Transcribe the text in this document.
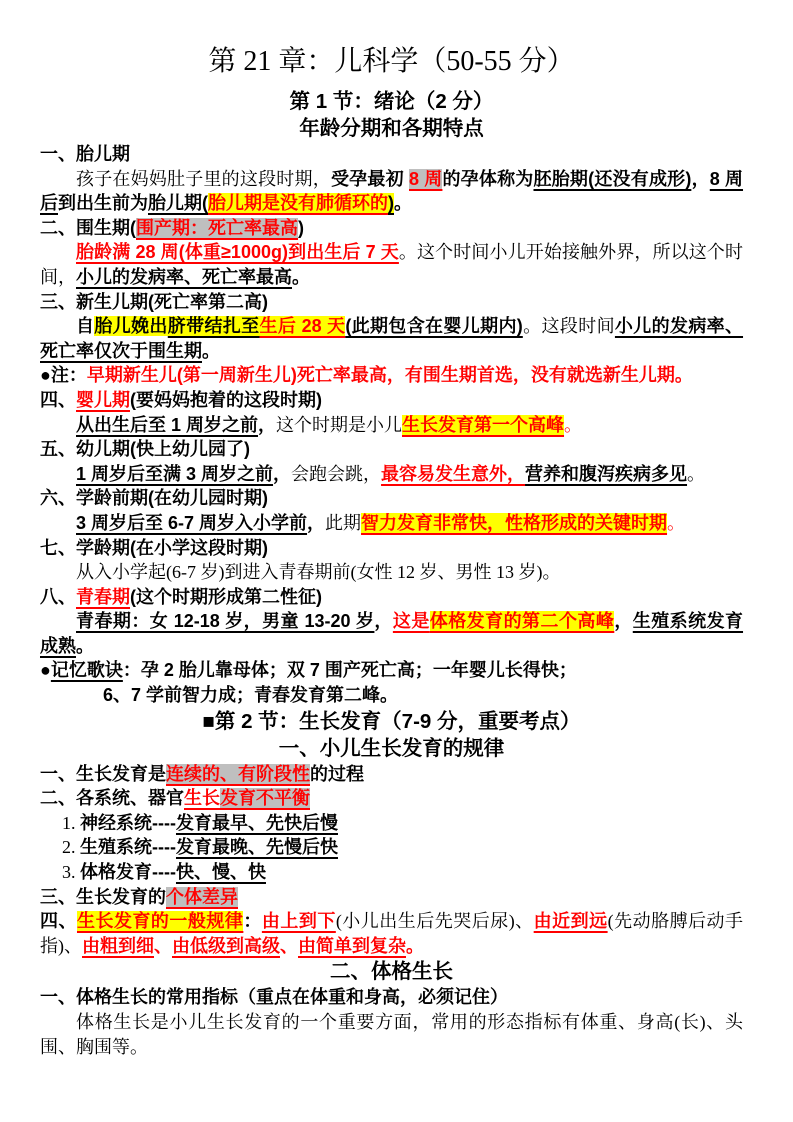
第 21 章：儿科学（50-55 分）
第 1 节：绪论（2 分）
年龄分期和各期特点
一、胎儿期
孩子在妈妈肚子里的这段时期，受孕最初 8 周的孕体称为胚胎期(还没有成形)，8 周后到出生前为胎儿期(胎儿期是没有肺循环的)。
二、围生期(围产期：死亡率最高)
胎龄满 28 周(体重≥1000g)到出生后 7 天。这个时间小儿开始接触外界，所以这个时间，小儿的发病率、死亡率最高。
三、新生儿期(死亡率第二高)
自胎儿娩出脐带结扎至生后 28 天(此期包含在婴儿期内)。这段时间小儿的发病率、死亡率仅次于围生期。
●注：早期新生儿(第一周新生儿)死亡率最高，有围生期首选，没有就选新生儿期。
四、婴儿期(要妈妈抱着的这段时期)
从出生后至 1 周岁之前，这个时期是小儿生长发育第一个高峰。
五、幼儿期(快上幼儿园了)
1 周岁后至满 3 周岁之前，会跑会跳，最容易发生意外，营养和腹泻疾病多见。
六、学龄前期(在幼儿园时期)
3 周岁后至 6-7 周岁入小学前，此期智力发育非常快，性格形成的关键时期。
七、学龄期(在小学这段时期)
从入小学起(6-7 岁)到进入青春期前(女性 12 岁、男性 13 岁)。
八、青春期(这个时期形成第二性征)
青春期：女 12-18 岁，男童 13-20 岁，这是体格发育的第二个高峰，生殖系统发育成熟。
●记忆歌诀：孕 2 胎儿靠母体；双 7 围产死亡高；一年婴儿长得快；
6、7 学前智力成；青春发育第二峰。
■第 2 节：生长发育（7-9 分，重要考点）
一、小儿生长发育的规律
一、生长发育是连续的、有阶段性的过程
二、各系统、器官生长发育不平衡
1. 神经系统----发育最早、先快后慢
2. 生殖系统----发育最晚、先慢后快
3. 体格发育----快、慢、快
三、生长发育的个体差异
四、生长发育的一般规律：由上到下(小儿出生后先哭后尿)、由近到远(先动胳膊后动手指)、由粗到细、由低级到高级、由简单到复杂。
二、体格生长
一、体格生长的常用指标（重点在体重和身高，必须记住）
体格生长是小儿生长发育的一个重要方面，常用的形态指标有体重、身高(长)、头围、胸围等。
